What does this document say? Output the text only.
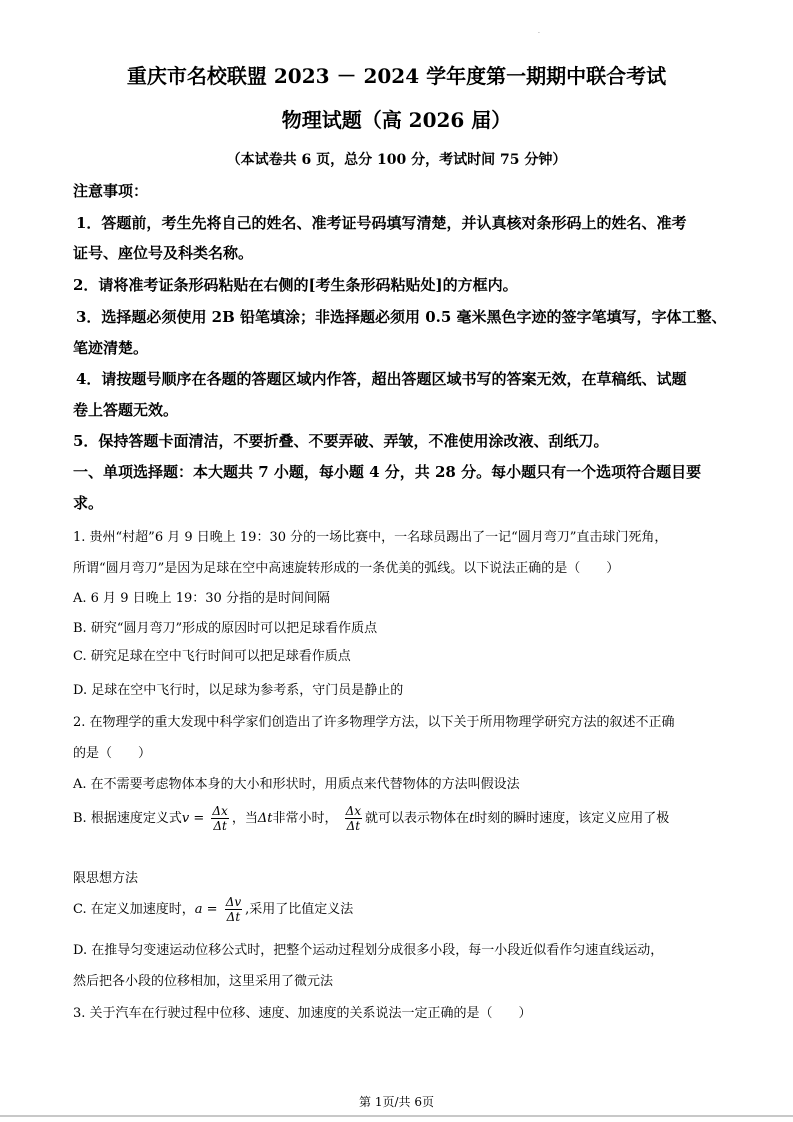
.
重庆市名校联盟 2023 － 2024 学年度第一期期中联合考试
物理试题（高 2026 届）
（本试卷共 6 页，总分 100 分，考试时间 75 分钟）
注意事项：
1．答题前，考生先将自己的姓名、准考证号码填写清楚，并认真核对条形码上的姓名、准考
证号、座位号及科类名称。
2．请将准考证条形码粘贴在右侧的[考生条形码粘贴处]的方框内。
3．选择题必须使用 2B 铅笔填涂；非选择题必须用 0.5 毫米黑色字迹的签字笔填写，字体工整、
笔迹清楚。
4．请按题号顺序在各题的答题区域内作答，超出答题区域书写的答案无效，在草稿纸、试题
卷上答题无效。
5．保持答题卡面清洁，不要折叠、不要弄破、弄皱，不准使用涂改液、刮纸刀。
一、单项选择题：本大题共 7 小题，每小题 4 分，共 28 分。每小题只有一个选项符合题目要
求。
1. 贵州“村超”6 月 9 日晚上 19：30 分的一场比赛中，一名球员踢出了一记“圆月弯刀”直击球门死角，
所谓“圆月弯刀”是因为足球在空中高速旋转形成的一条优美的弧线。以下说法正确的是（　　）
A. 6 月 9 日晚上 19：30 分指的是时间间隔
B. 研究“圆月弯刀”形成的原因时可以把足球看作质点
C. 研究足球在空中飞行时间可以把足球看作质点
D. 足球在空中飞行时，以足球为参考系，守门员是静止的
2. 在物理学的重大发现中科学家们创造出了许多物理学方法，以下关于所用物理学研究方法的叙述不正确
的是（　　）
A. 在不需要考虑物体本身的大小和形状时，用质点来代替物体的方法叫假设法
B. 根据速度定义式$v = \frac{\Delta x}{\Delta t}$ ，当Δt非常小时， $\frac{\Delta x}{\Delta t}$ 就可以表示物体在t时刻的瞬时速度，该定义应用了极
限思想方法
C. 在定义加速度时，$a = \frac{\Delta v}{\Delta t}$ ,采用了比值定义法
D. 在推导匀变速运动位移公式时，把整个运动过程划分成很多小段，每一小段近似看作匀速直线运动，
然后把各小段的位移相加，这里采用了微元法
3. 关于汽车在行驶过程中位移、速度、加速度的关系说法一定正确的是（　　）
第 1页/共 6页
